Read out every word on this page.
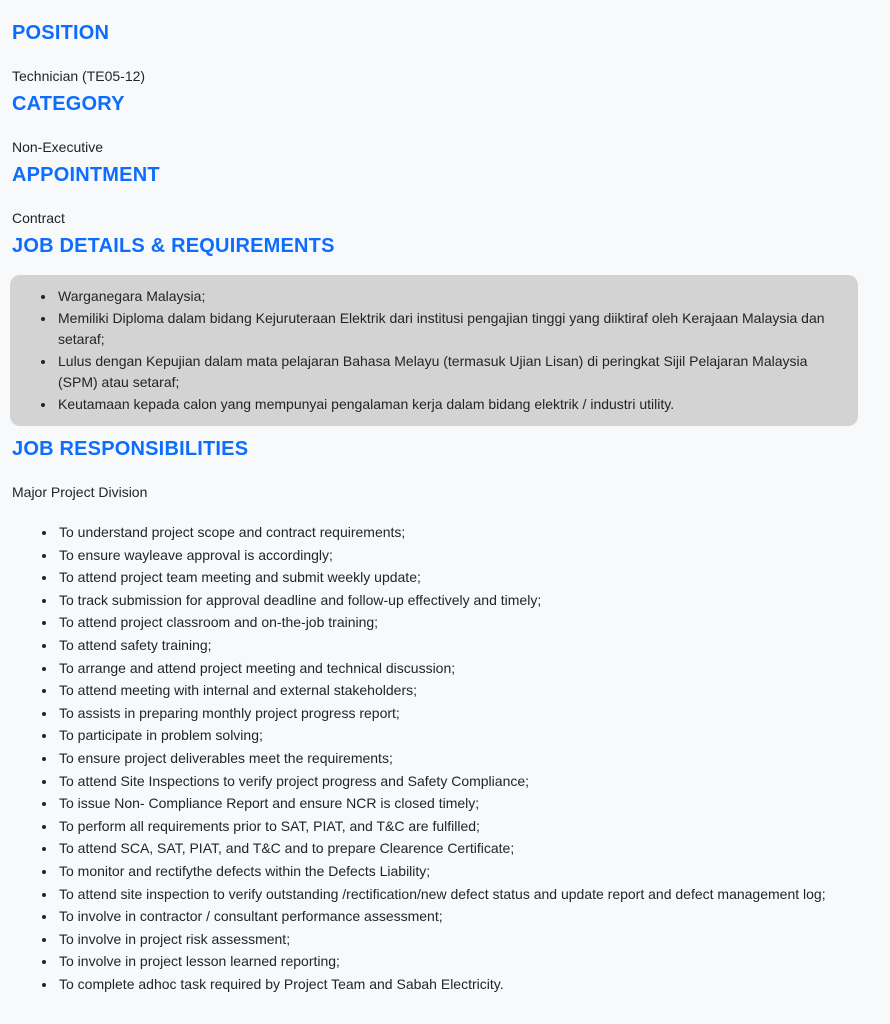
POSITION

Technician (TE05-12)

CATEGORY

Non-Executive

APPOINTMENT

Contract

JOB DETAILS & REQUIREMENTS
• Warganegara Malaysia;
• Memiliki Diploma dalam bidang Kejuruteraan Elektrik dari institusi pengajian tinggi yang diiktiraf oleh Kerajaan Malaysia dan setaraf;
• Lulus dengan Kepujian dalam mata pelajaran Bahasa Melayu (termasuk Ujian Lisan) di peringkat Sijil Pelajaran Malaysia (SPM) atau setaraf;
• Keutamaan kepada calon yang mempunyai pengalaman kerja dalam bidang elektrik / industri utility.
JOB RESPONSIBILITIES

Major Project Division

• To understand project scope and contract requirements;
• To ensure wayleave approval is accordingly;
• To attend project team meeting and submit weekly update;
• To track submission for approval deadline and follow-up effectively and timely;
• To attend project classroom and on-the-job training;
• To attend safety training;
• To arrange and attend project meeting and technical discussion;
• To attend meeting with internal and external stakeholders;
• To assists in preparing monthly project progress report;
• To participate in problem solving;
• To ensure project deliverables meet the requirements;
• To attend Site Inspections to verify project progress and Safety Compliance;
• To issue Non- Compliance Report and ensure NCR is closed timely;
• To perform all requirements prior to SAT, PIAT, and T&C are fulfilled;
• To attend SCA, SAT, PIAT, and T&C and to prepare Clearence Certificate;
• To monitor and rectifythe defects within the Defects Liability;
• To attend site inspection to verify outstanding /rectification/new defect status and update report and defect management log;
• To involve in contractor / consultant performance assessment;
• To involve in project risk assessment;
• To involve in project lesson learned reporting;
• To complete adhoc task required by Project Team and Sabah Electricity.
